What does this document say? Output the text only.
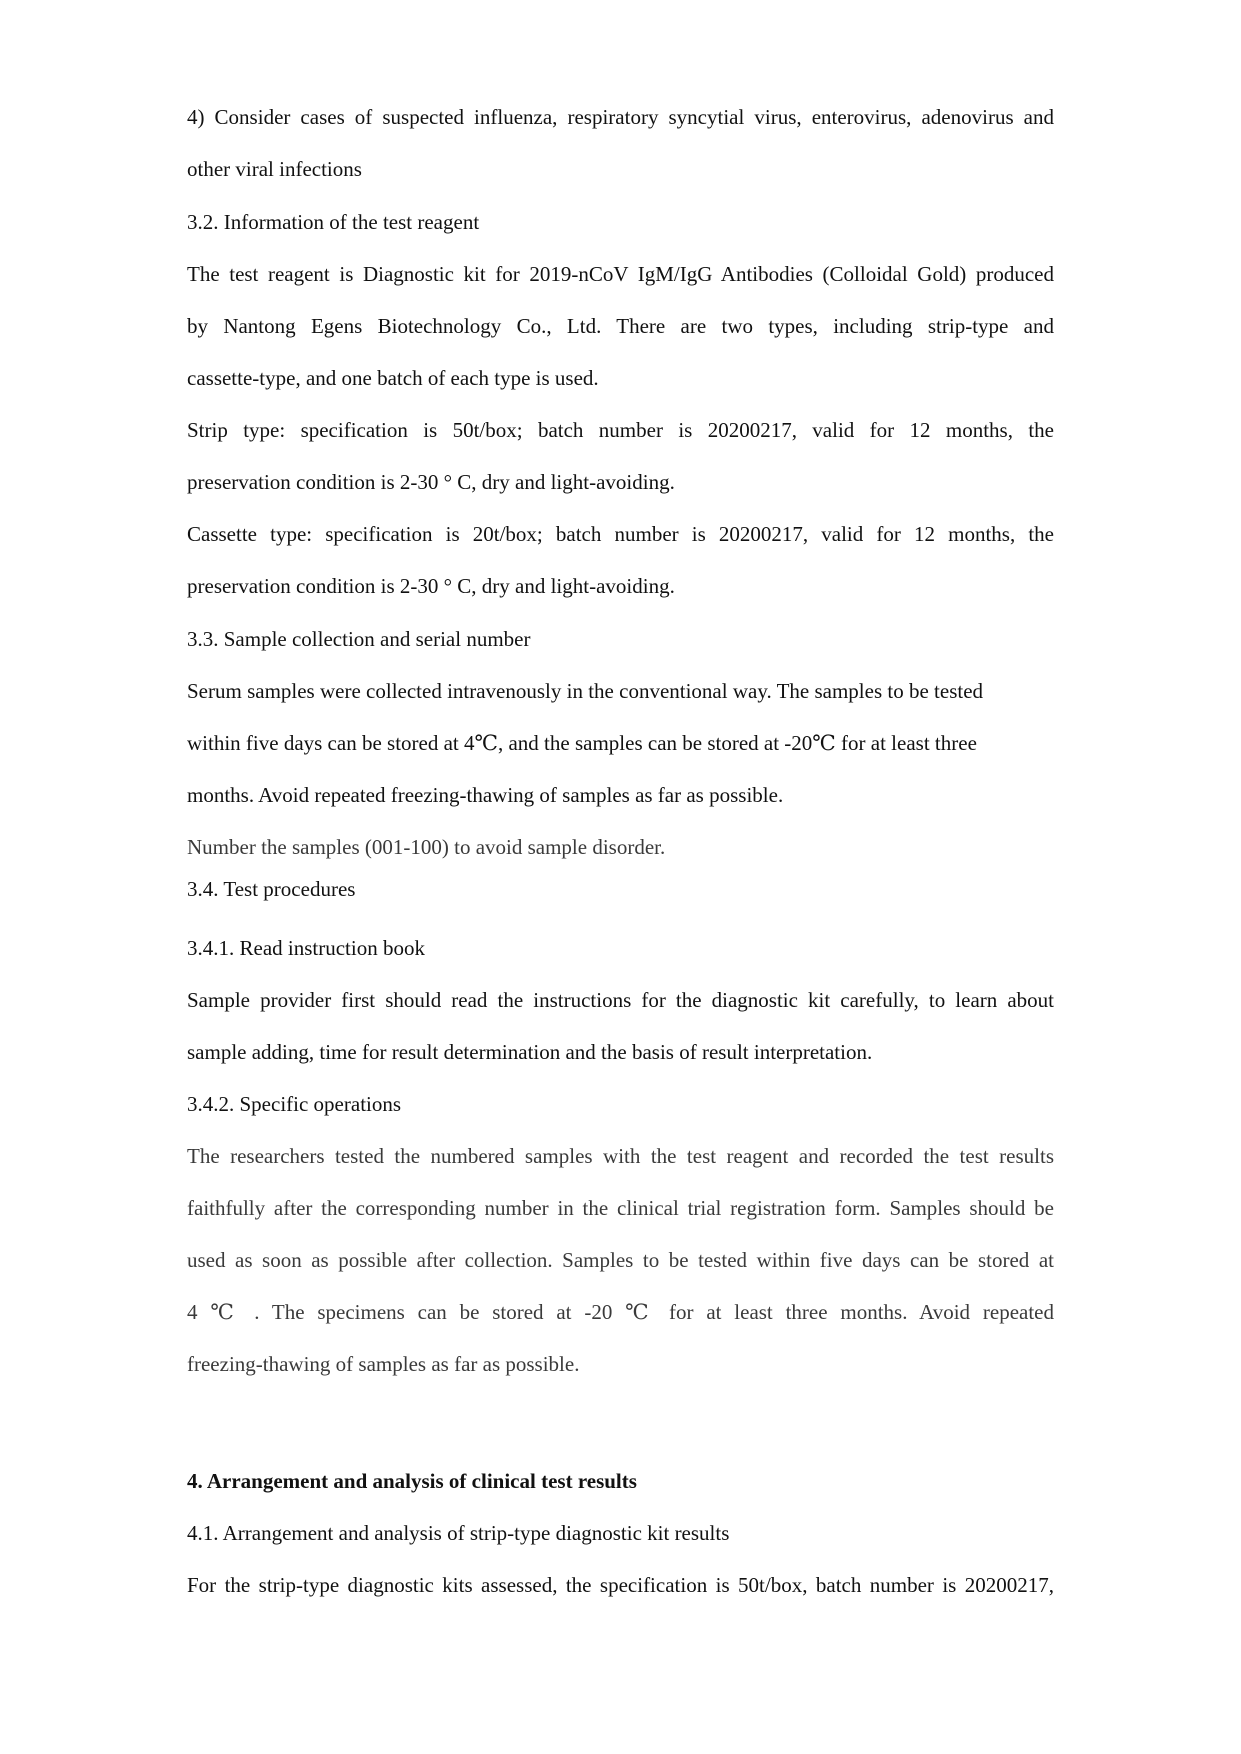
4) Consider cases of suspected influenza, respiratory syncytial virus, enterovirus, adenovirus and
other viral infections
3.2. Information of the test reagent
The test reagent is Diagnostic kit for 2019-nCoV IgM/IgG Antibodies (Colloidal Gold) produced
by Nantong Egens Biotechnology Co., Ltd. There are two types, including strip-type and
cassette-type, and one batch of each type is used.
Strip type: specification is 50t/box; batch number is 20200217, valid for 12 months, the
preservation condition is 2-30 ° C, dry and light-avoiding.
Cassette type: specification is 20t/box; batch number is 20200217, valid for 12 months, the
preservation condition is 2-30 ° C, dry and light-avoiding.
3.3. Sample collection and serial number
Serum samples were collected intravenously in the conventional way. The samples to be tested
within five days can be stored at 4℃, and the samples can be stored at -20℃ for at least three
months. Avoid repeated freezing-thawing of samples as far as possible.
Number the samples (001-100) to avoid sample disorder.
3.4. Test procedures
3.4.1. Read instruction book
Sample provider first should read the instructions for the diagnostic kit carefully, to learn about
sample adding, time for result determination and the basis of result interpretation.
3.4.2. Specific operations
The researchers tested the numbered samples with the test reagent and recorded the test results
faithfully after the corresponding number in the clinical trial registration form. Samples should be
used as soon as possible after collection. Samples to be tested within five days can be stored at
4 ℃ . The specimens can be stored at -20 ℃ for at least three months. Avoid repeated
freezing-thawing of samples as far as possible.
4. Arrangement and analysis of clinical test results
4.1. Arrangement and analysis of strip-type diagnostic kit results
For the strip-type diagnostic kits assessed, the specification is 50t/box, batch number is 20200217,
